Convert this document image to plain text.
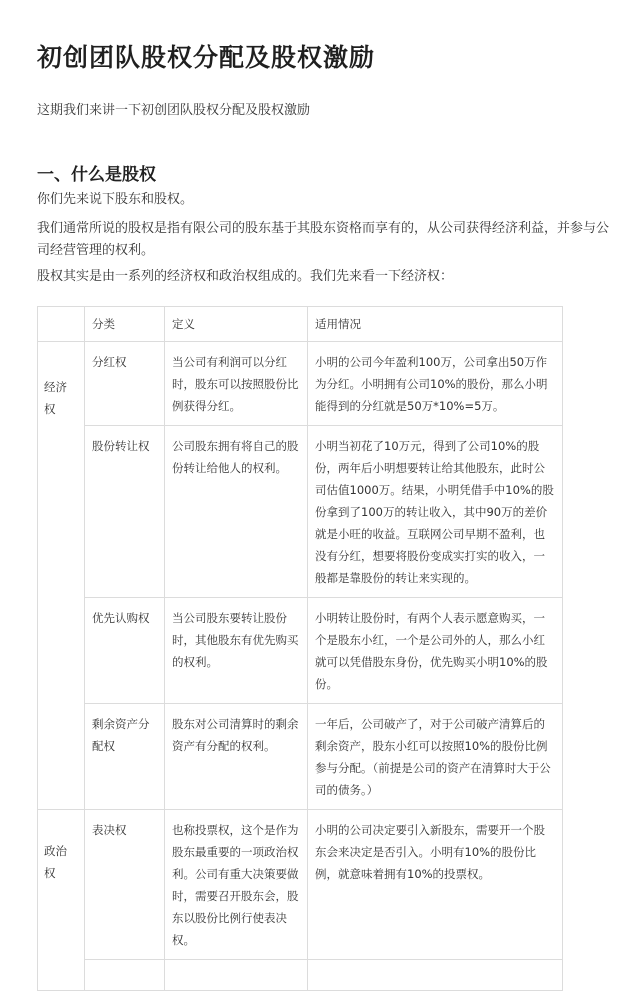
初创团队股权分配及股权激励
这期我们来讲一下初创团队股权分配及股权激励
一、什么是股权

你们先来说下股东和股权。

我们通常所说的股权是指有限公司的股东基于其股东资格而享有的，从公司获得经济利益，并参与公司经营管理的权利。

股权其实是由一系列的经济权和政治权组成的。我们先来看一下经济权：

	分类	定义	适用情况

经济权	分红权	当公司有利润可以分红时，股东可以按照股份比例获得分红。	小明的公司今年盈利100万，公司拿出50万作为分红。小明拥有公司10%的股份，那么小明能得到的分红就是50万*10%=5万。

	股份转让权	公司股东拥有将自己的股份转让给他人的权利。	小明当初花了10万元，得到了公司10%的股份，两年后小明想要转让给其他股东，此时公司估值1000万。结果，小明凭借手中10%的股份拿到了100万的转让收入，其中90万的差价就是小旺的收益。互联网公司早期不盈利，也没有分红，想要将股份变成实打实的收入，一般都是靠股份的转让来实现的。

	优先认购权	当公司股东要转让股份时，其他股东有优先购买的权利。	小明转让股份时，有两个人表示愿意购买，一个是股东小红，一个是公司外的人，那么小红就可以凭借股东身份，优先购买小明10%的股份。

	剩余资产分配权	股东对公司清算时的剩余资产有分配的权利。	一年后，公司破产了，对于公司破产清算后的剩余资产，股东小红可以按照10%的股份比例参与分配。（前提是公司的资产在清算时大于公司的债务。）

政治权	表决权	也称投票权，这个是作为股东最重要的一项政治权利。公司有重大决策要做时，需要召开股东会，股东以股份比例行使表决权。	小明的公司决定要引入新股东，需要开一个股东会来决定是否引入。小明有10%的股份比例，就意味着拥有10%的投票权。
